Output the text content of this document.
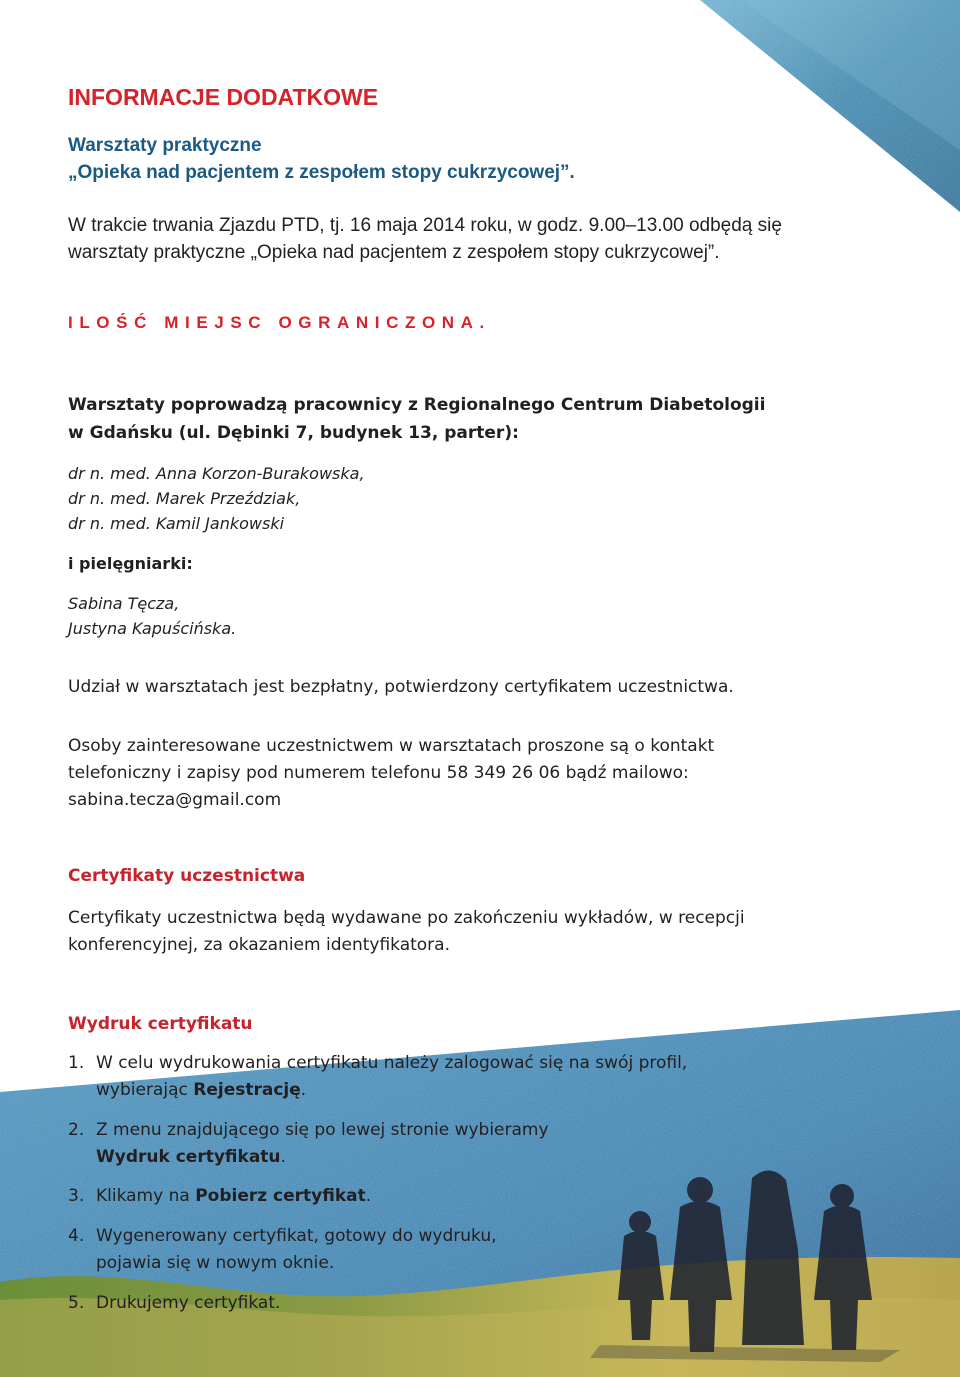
INFORMACJE DODATKOWE
Warsztaty praktyczne
„Opieka nad pacjentem z zespołem stopy cukrzycowej”.
W trakcie trwania Zjazdu PTD, tj. 16 maja 2014 roku, w godz. 9.00–13.00 odbędą się
warsztaty praktyczne „Opieka nad pacjentem z zespołem stopy cukrzycowej”.
ILOŚĆ MIEJSC OGRANICZONA.
Warsztaty poprowadzą pracownicy z Regionalnego Centrum Diabetologii
w Gdańsku (ul. Dębinki 7, budynek 13, parter):
dr n. med. Anna Korzon-Burakowska,
dr n. med. Marek Przeździak,
dr n. med. Kamil Jankowski
i pielęgniarki:
Sabina Tęcza,
Justyna Kapuścińska.
Udział w warsztatach jest bezpłatny, potwierdzony certyfikatem uczestnictwa.
Osoby zainteresowane uczestnictwem w warsztatach proszone są o kontakt
telefoniczny i zapisy pod numerem telefonu 58 349 26 06 bądź mailowo:
sabina.tecza@gmail.com
Certyfikaty uczestnictwa
Certyfikaty uczestnictwa będą wydawane po zakończeniu wykładów, w recepcji
konferencyjnej, za okazaniem identyfikatora.
Wydruk certyfikatu
1. W celu wydrukowania certyfikatu należy zalogować się na swój profil,
wybierając Rejestrację.
2. Z menu znajdującego się po lewej stronie wybieramy
Wydruk certyfikatu.
3. Klikamy na Pobierz certyfikat.
4. Wygenerowany certyfikat, gotowy do wydruku,
pojawia się w nowym oknie.
5. Drukujemy certyfikat.
